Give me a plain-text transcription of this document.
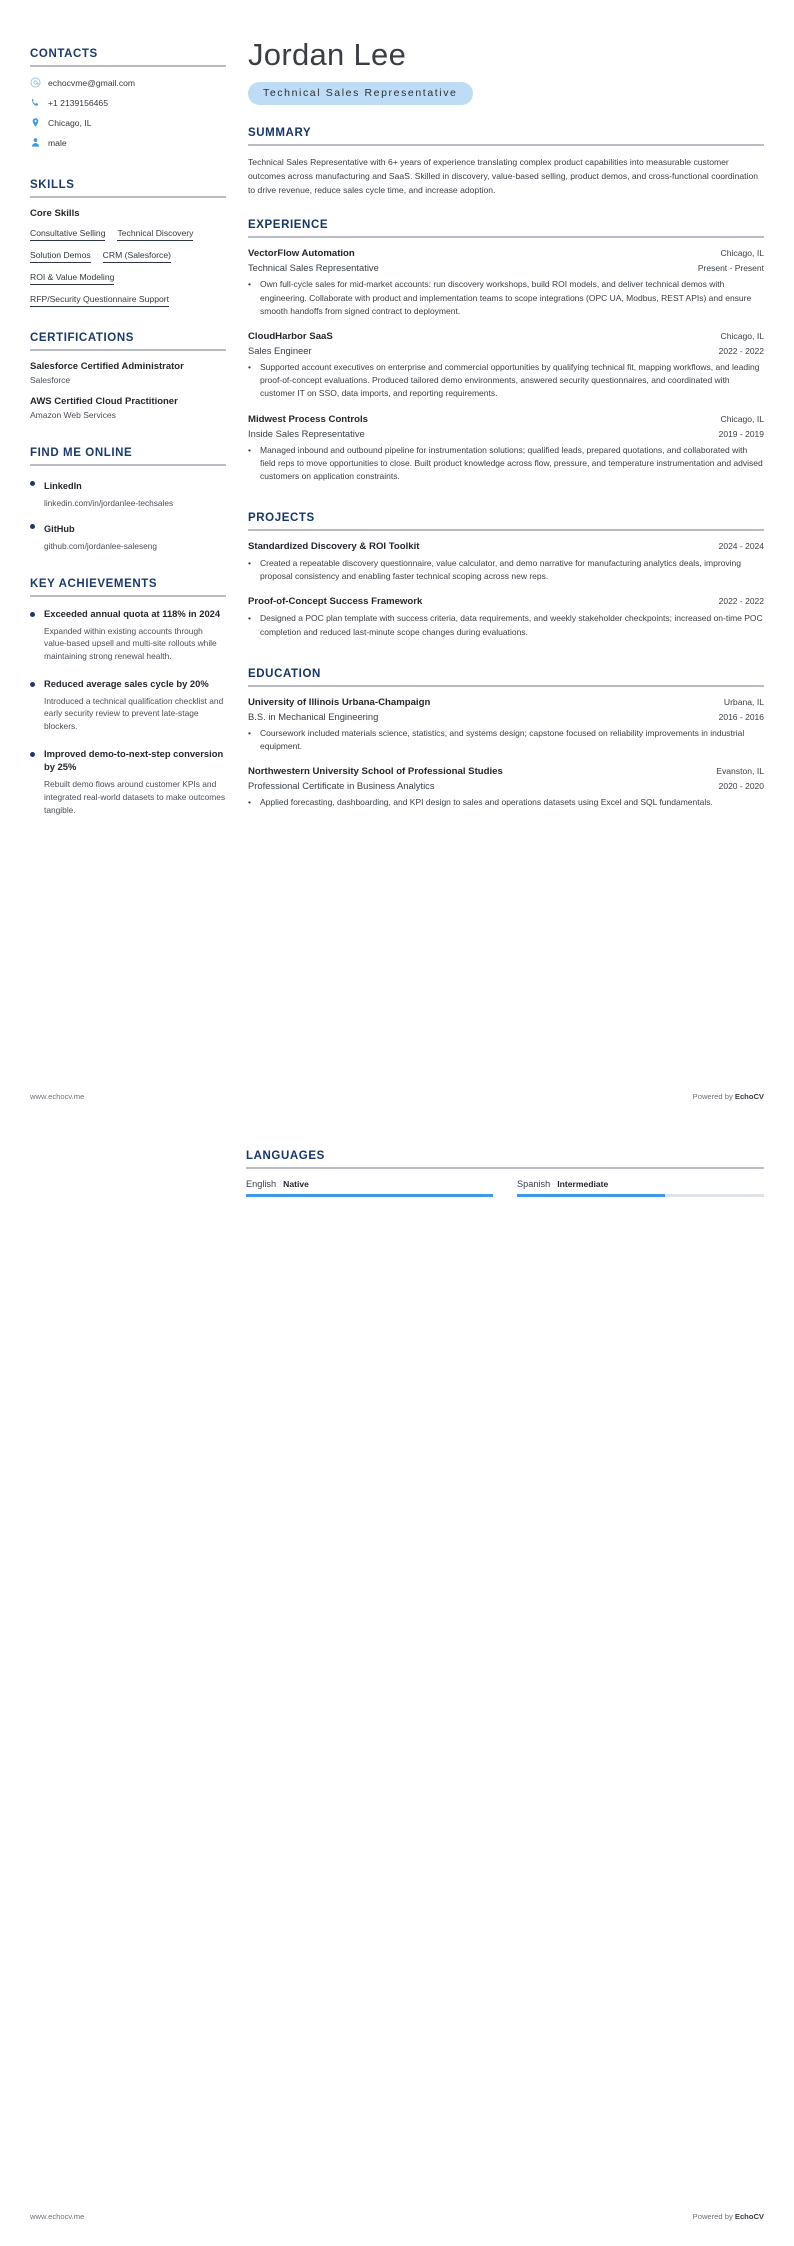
CONTACTS
echocvme@gmail.com
+1 2139156465
Chicago, IL
male
SKILLS
Core Skills
Consultative Selling Technical Discovery
Solution Demos CRM (Salesforce)
ROI & Value Modeling
RFP/Security Questionnaire Support
CERTIFICATIONS
Salesforce Certified Administrator
Salesforce
AWS Certified Cloud Practitioner
Amazon Web Services
FIND ME ONLINE
LinkedIn
linkedin.com/in/jordanlee-techsales
GitHub
github.com/jordanlee-saleseng
KEY ACHIEVEMENTS
Exceeded annual quota at 118% in 2024
Expanded within existing accounts through value-based upsell and multi-site rollouts while maintaining strong renewal health.
Reduced average sales cycle by 20%
Introduced a technical qualification checklist and early security review to prevent late-stage blockers.
Improved demo-to-next-step conversion by 25%
Rebuilt demo flows around customer KPIs and integrated real-world datasets to make outcomes tangible.
Jordan Lee
Technical Sales Representative
SUMMARY
Technical Sales Representative with 6+ years of experience translating complex product capabilities into measurable customer outcomes across manufacturing and SaaS. Skilled in discovery, value-based selling, product demos, and cross-functional coordination to drive revenue, reduce sales cycle time, and increase adoption.
EXPERIENCE
VectorFlow Automation	Chicago, IL
Technical Sales Representative	Present - Present
•	Own full-cycle sales for mid-market accounts: run discovery workshops, build ROI models, and deliver technical demos with engineering. Collaborate with product and implementation teams to scope integrations (OPC UA, Modbus, REST APIs) and ensure smooth handoffs from signed contract to deployment.
CloudHarbor SaaS	Chicago, IL
Sales Engineer	2022 - 2022
•	Supported account executives on enterprise and commercial opportunities by qualifying technical fit, mapping workflows, and leading proof-of-concept evaluations. Produced tailored demo environments, answered security questionnaires, and coordinated with customer IT on SSO, data imports, and reporting requirements.
Midwest Process Controls	Chicago, IL
Inside Sales Representative	2019 - 2019
•	Managed inbound and outbound pipeline for instrumentation solutions; qualified leads, prepared quotations, and collaborated with field reps to move opportunities to close. Built product knowledge across flow, pressure, and temperature instrumentation and advised customers on application constraints.
PROJECTS
Standardized Discovery & ROI Toolkit	2024 - 2024
•	Created a repeatable discovery questionnaire, value calculator, and demo narrative for manufacturing analytics deals, improving proposal consistency and enabling faster technical scoping across new reps.
Proof-of-Concept Success Framework	2022 - 2022
•	Designed a POC plan template with success criteria, data requirements, and weekly stakeholder checkpoints; increased on-time POC completion and reduced last-minute scope changes during evaluations.
EDUCATION
University of Illinois Urbana-Champaign	Urbana, IL
B.S. in Mechanical Engineering	2016 - 2016
•	Coursework included materials science, statistics, and systems design; capstone focused on reliability improvements in industrial equipment.
Northwestern University School of Professional Studies	Evanston, IL
Professional Certificate in Business Analytics	2020 - 2020
•	Applied forecasting, dashboarding, and KPI design to sales and operations datasets using Excel and SQL fundamentals.
www.echocv.me	Powered by EchoCV
LANGUAGES
English Native	Spanish Intermediate
www.echocv.me	Powered by EchoCV
